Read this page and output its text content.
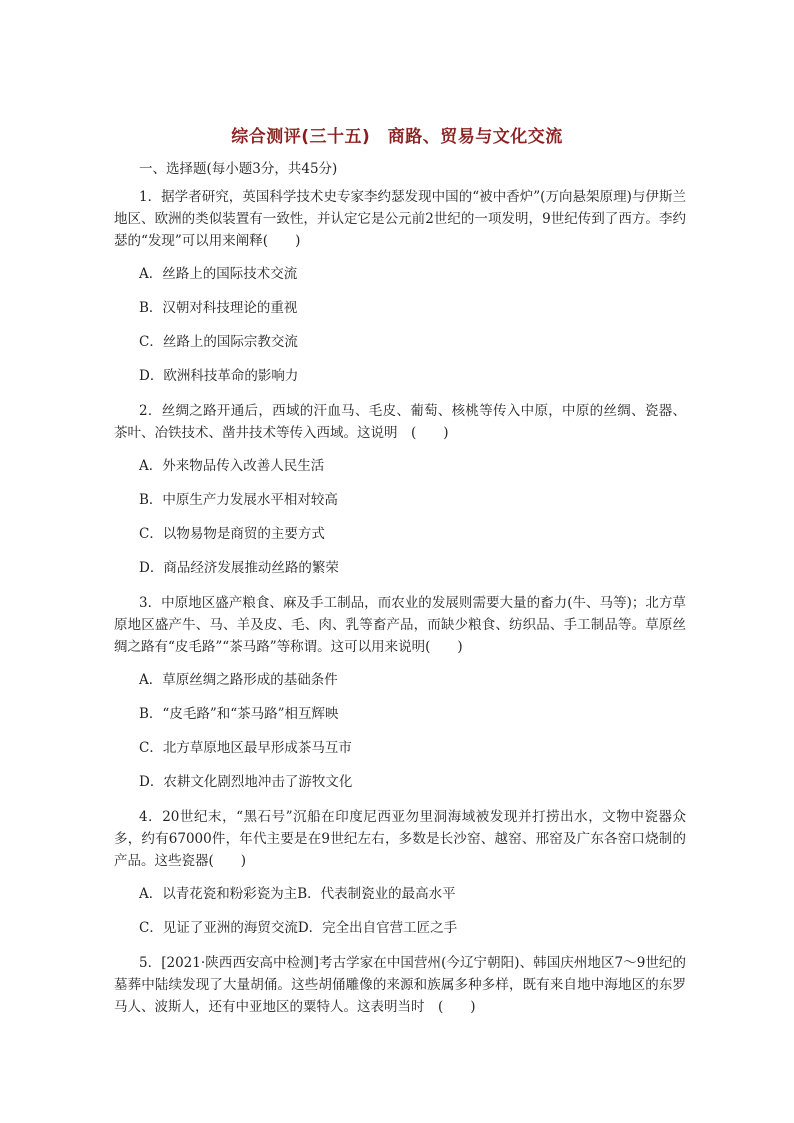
综合测评(三十五)　商路、贸易与文化交流
一、选择题(每小题3分，共45分)

1．据学者研究，英国科学技术史专家李约瑟发现中国的“被中香炉”(万向悬架原理)与伊斯兰地区、欧洲的类似装置有一致性，并认定它是公元前2世纪的一项发明，9世纪传到了西方。李约瑟的“发现”可以用来阐释(　　)

A．丝路上的国际技术交流
B．汉朝对科技理论的重视
C．丝路上的国际宗教交流
D．欧洲科技革命的影响力

2．丝绸之路开通后，西域的汗血马、毛皮、葡萄、核桃等传入中原，中原的丝绸、瓷器、茶叶、冶铁技术、凿井技术等传入西域。这说明　(　　)

A．外来物品传入改善人民生活
B．中原生产力发展水平相对较高
C．以物易物是商贸的主要方式
D．商品经济发展推动丝路的繁荣

3．中原地区盛产粮食、麻及手工制品，而农业的发展则需要大量的畜力(牛、马等)；北方草原地区盛产牛、马、羊及皮、毛、肉、乳等畜产品，而缺少粮食、纺织品、手工制品等。草原丝绸之路有“皮毛路”“茶马路”等称谓。这可以用来说明(　　)

A．草原丝绸之路形成的基础条件
B．“皮毛路”和“茶马路”相互辉映
C．北方草原地区最早形成茶马互市
D．农耕文化剧烈地冲击了游牧文化

4．20世纪末，“黑石号”沉船在印度尼西亚勿里洞海域被发现并打捞出水，文物中瓷器众多，约有67000件，年代主要是在9世纪左右，多数是长沙窑、越窑、邢窑及广东各窑口烧制的产品。这些瓷器(　　)

A．以青花瓷和粉彩瓷为主B．代表制瓷业的最高水平
C．见证了亚洲的海贸交流D．完全出自官营工匠之手

5．[2021·陕西西安高中检测]考古学家在中国营州(今辽宁朝阳)、韩国庆州地区7～9世纪的墓葬中陆续发现了大量胡俑。这些胡俑雕像的来源和族属多种多样，既有来自地中海地区的东罗马人、波斯人，还有中亚地区的粟特人。这表明当时　(　　)
